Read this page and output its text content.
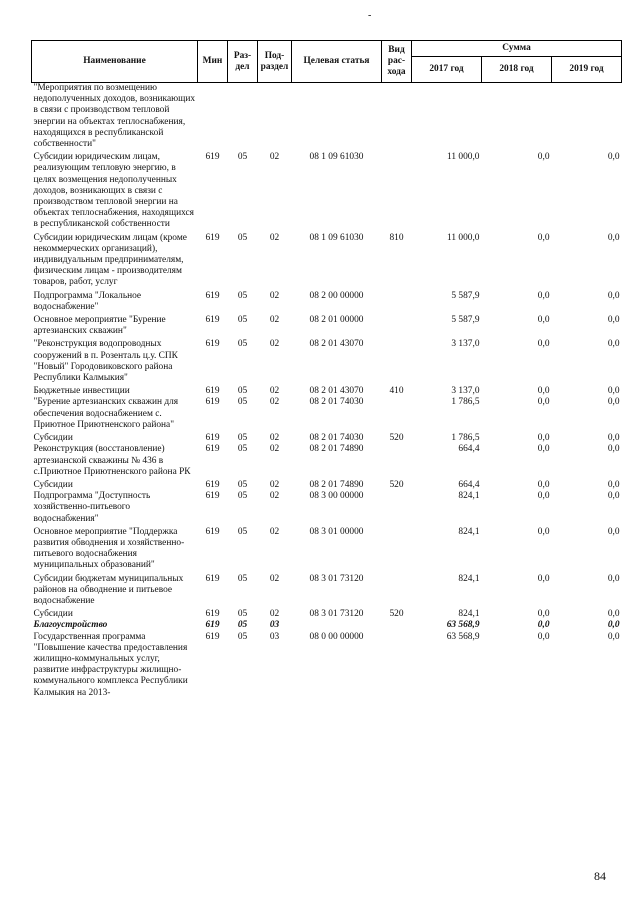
-
Наименование	Мин	Раз-дел	Под-раздел	Целевая статья	Вид рас-хода	Сумма		
						2017 год	2018 год	2019 год
"Мероприятия по возмещению недополученных доходов, возникающих в связи с производством тепловой энергии на объектах теплоснабжения, находящихся в республиканской собственности"								
Субсидии юридическим лицам, реализующим тепловую энергию, в целях возмещения недополученных доходов, возникающих в связи с производством тепловой энергии на объектах теплоснабжения, находящихся в республиканской собственности	619	05	02	08 1 09 61030		11 000,0	0,0	0,0
Субсидии юридическим лицам (кроме некоммерческих организаций), индивидуальным предпринимателям, физическим лицам - производителям товаров, работ, услуг	619	05	02	08 1 09 61030	810	11 000,0	0,0	0,0
Подпрограмма "Локальное водоснабжение"	619	05	02	08 2 00 00000		5 587,9	0,0	0,0
Основное мероприятие "Бурение артезианских скважин"	619	05	02	08 2 01 00000		5 587,9	0,0	0,0
"Реконструкция водопроводных сооружений в п. Розенталь ц.у. СПК "Новый" Городовиковского района Республики Калмыкия"	619	05	02	08 2 01 43070		3 137,0	0,0	0,0
Бюджетные инвестиции	619	05	02	08 2 01 43070	410	3 137,0	0,0	0,0
"Бурение артезианских скважин для обеспечения водоснабжением с. Приютное Приютненского района"	619	05	02	08 2 01 74030		1 786,5	0,0	0,0
Субсидии	619	05	02	08 2 01 74030	520	1 786,5	0,0	0,0
Реконструкция (восстановление) артезианской скважины № 436 в с.Приютное Приютненского района РК	619	05	02	08 2 01 74890		664,4	0,0	0,0
Субсидии	619	05	02	08 2 01 74890	520	664,4	0,0	0,0
Подпрограмма "Доступность хозяйственно-питьевого водоснабжения"	619	05	02	08 3 00 00000		824,1	0,0	0,0
Основное мероприятие "Поддержка развития обводнения и хозяйственно-питьевого водоснабжения муниципальных образований"	619	05	02	08 3 01 00000		824,1	0,0	0,0
Субсидии бюджетам муниципальных районов на обводнение и питьевое водоснабжение	619	05	02	08 3 01 73120		824,1	0,0	0,0
Субсидии	619	05	02	08 3 01 73120	520	824,1	0,0	0,0
Благоустройство	619	05	03			63 568,9	0,0	0,0
Государственная программа "Повышение качества предоставления жилищно-коммунальных услуг, развитие инфраструктуры жилищно-коммунального комплекса Республики Калмыкия на 2013-	619	05	03	08 0 00 00000		63 568,9	0,0	0,0
84
